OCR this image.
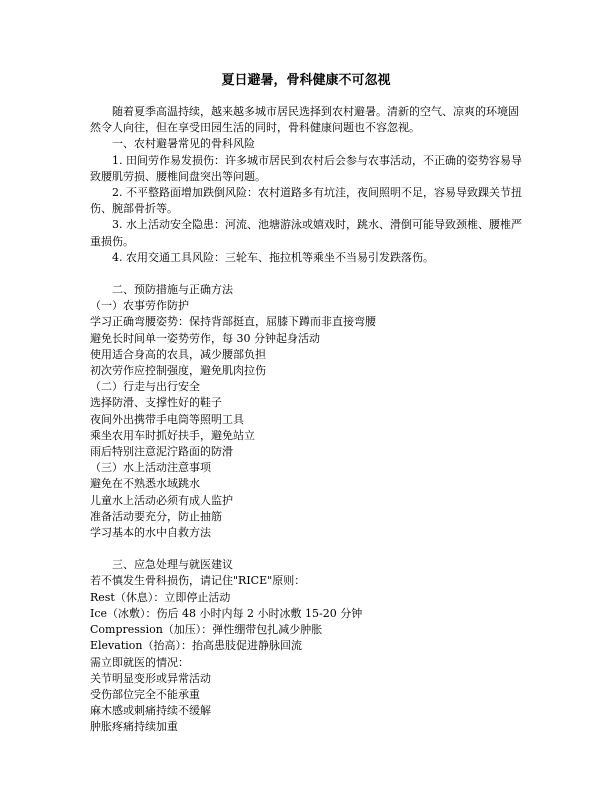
夏日避暑，骨科健康不可忽视

随着夏季高温持续，越来越多城市居民选择到农村避暑。清新的空气、凉爽的环境固然令人向往，但在享受田园生活的同时，骨科健康问题也不容忽视。

一、农村避暑常见的骨科风险

1. 田间劳作易发损伤：许多城市居民到农村后会参与农事活动，不正确的姿势容易导致腰肌劳损、腰椎间盘突出等问题。

2. 不平整路面增加跌倒风险：农村道路多有坑洼，夜间照明不足，容易导致踝关节扭伤、腕部骨折等。

3. 水上活动安全隐患：河流、池塘游泳或嬉戏时，跳水、滑倒可能导致颈椎、腰椎严重损伤。

4. 农用交通工具风险：三轮车、拖拉机等乘坐不当易引发跌落伤。

二、预防措施与正确方法

（一）农事劳作防护

学习正确弯腰姿势：保持背部挺直，屈膝下蹲而非直接弯腰

避免长时间单一姿势劳作，每 30 分钟起身活动

使用适合身高的农具，减少腰部负担

初次劳作应控制强度，避免肌肉拉伤

（二）行走与出行安全

选择防滑、支撑性好的鞋子

夜间外出携带手电筒等照明工具

乘坐农用车时抓好扶手，避免站立

雨后特别注意泥泞路面的防滑

（三）水上活动注意事项

避免在不熟悉水域跳水

儿童水上活动必须有成人监护

准备活动要充分，防止抽筋

学习基本的水中自救方法

三、应急处理与就医建议

若不慎发生骨科损伤，请记住"RICE"原则：

Rest（休息）：立即停止活动

Ice（冰敷）：伤后 48 小时内每 2 小时冰敷 15-20 分钟

Compression（加压）：弹性绷带包扎减少肿胀

Elevation（抬高）：抬高患肢促进静脉回流

需立即就医的情况：

关节明显变形或异常活动

受伤部位完全不能承重

麻木感或刺痛持续不缓解

肿胀疼痛持续加重
